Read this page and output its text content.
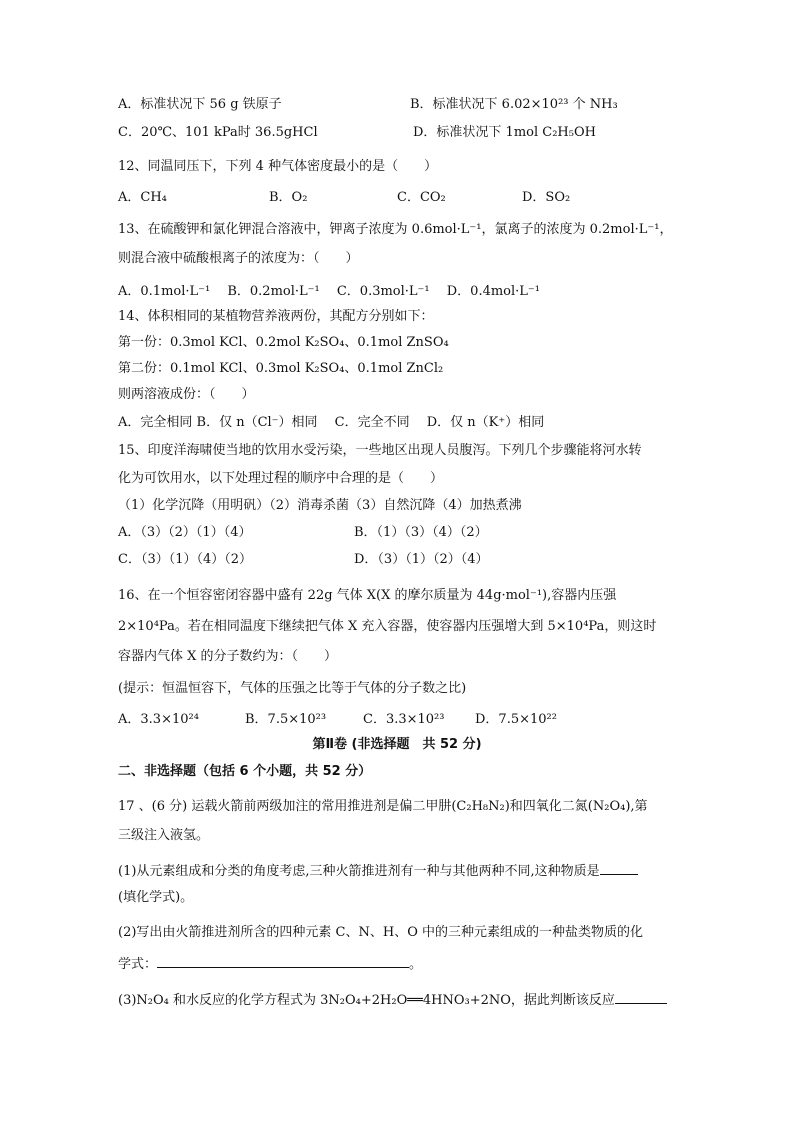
A．标准状况下 56 g 铁原子	B．标准状况下 6.02×10²³ 个 NH₃
C．20℃、101 kPa时 36.5gHCl	D．标准状况下 1mol C₂H₅OH
12、同温同压下，下列 4 种气体密度最小的是（　　）
A．CH₄	B．O₂	C．CO₂	D．SO₂
13、在硫酸钾和氯化钾混合溶液中，钾离子浓度为 0.6mol·L⁻¹，氯离子的浓度为 0.2mol·L⁻¹，
则混合液中硫酸根离子的浓度为：（　　）
A．0.1mol·L⁻¹　 B．0.2mol·L⁻¹　 C．0.3mol·L⁻¹　 D．0.4mol·L⁻¹
14、体积相同的某植物营养液两份，其配方分别如下：
第一份：0.3mol KCl、0.2mol K₂SO₄、0.1mol ZnSO₄
第二份：0.1mol KCl、0.3mol K₂SO₄、0.1mol ZnCl₂
则两溶液成份：（　　）
A．完全相同 B．仅 n（Cl⁻）相同　 C．完全不同　 D．仅 n（K⁺）相同
15、印度洋海啸使当地的饮用水受污染，一些地区出现人员腹泻。下列几个步骤能将河水转
化为可饮用水，以下处理过程的顺序中合理的是（　　）
（1）化学沉降（用明矾）（2）消毒杀菌（3）自然沉降（4）加热煮沸
A．（3）（2）（1）（4）	B．（1）（3）（4）（2）
C．（3）（1）（4）（2）	D．（3）（1）（2）（4）
16、在一个恒容密闭容器中盛有 22g 气体 X(X 的摩尔质量为 44g·mol⁻¹),容器内压强
2×10⁴Pa。若在相同温度下继续把气体 X 充入容器，使容器内压强增大到 5×10⁴Pa，则这时
容器内气体 X 的分子数约为：（　　）
(提示：恒温恒容下，气体的压强之比等于气体的分子数之比)
A．3.3×10²⁴	B．7.5×10²³	C．3.3×10²³ D．7.5×10²²
第Ⅱ卷 (非选择题　共 52 分)
二、非选择题（包括 6 个小题，共 52 分）
17 、(6 分) 运载火箭前两级加注的常用推进剂是偏二甲肼(C₂H₈N₂)和四氧化二氮(N₂O₄),第
三级注入液氢。
(1)从元素组成和分类的角度考虑,三种火箭推进剂有一种与其他两种不同,这种物质是
(填化学式)。
(2)写出由火箭推进剂所含的四种元素 C、N、H、O 中的三种元素组成的一种盐类物质的化
学式：	。
(3)N₂O₄ 和水反应的化学方程式为 3N₂O₄+2H₂O══4HNO₃+2NO，据此判断该反应
